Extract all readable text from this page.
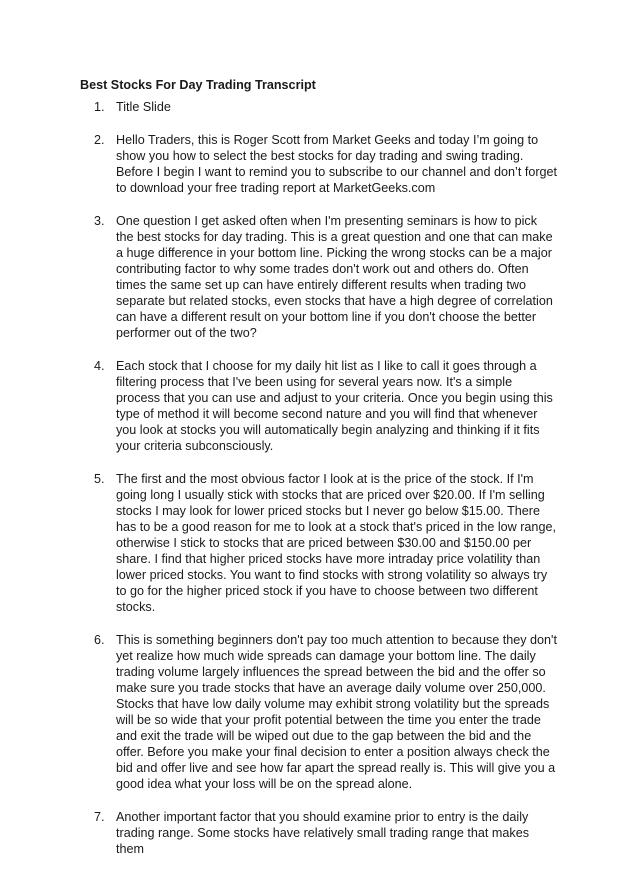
Best Stocks For Day Trading Transcript
1. Title Slide
2. Hello Traders, this is Roger Scott from Market Geeks and today I’m going to show you how to select the best stocks for day trading and swing trading. Before I begin I want to remind you to subscribe to our channel and don’t forget to download your free trading report at MarketGeeks.com
3. One question I get asked often when I'm presenting seminars is how to pick the best stocks for day trading. This is a great question and one that can make a huge difference in your bottom line. Picking the wrong stocks can be a major contributing factor to why some trades don't work out and others do. Often times the same set up can have entirely different results when trading two separate but related stocks, even stocks that have a high degree of correlation can have a different result on your bottom line if you don't choose the better performer out of the two?
4. Each stock that I choose for my daily hit list as I like to call it goes through a filtering process that I've been using for several years now. It's a simple process that you can use and adjust to your criteria. Once you begin using this type of method it will become second nature and you will find that whenever you look at stocks you will automatically begin analyzing and thinking if it fits your criteria subconsciously.
5. The first and the most obvious factor I look at is the price of the stock. If I'm going long I usually stick with stocks that are priced over $20.00. If I'm selling stocks I may look for lower priced stocks but I never go below $15.00. There has to be a good reason for me to look at a stock that's priced in the low range, otherwise I stick to stocks that are priced between $30.00 and $150.00 per share. I find that higher priced stocks have more intraday price volatility than lower priced stocks. You want to find stocks with strong volatility so always try to go for the higher priced stock if you have to choose between two different stocks.
6. This is something beginners don't pay too much attention to because they don't yet realize how much wide spreads can damage your bottom line. The daily trading volume largely influences the spread between the bid and the offer so make sure you trade stocks that have an average daily volume over 250,000. Stocks that have low daily volume may exhibit strong volatility but the spreads will be so wide that your profit potential between the time you enter the trade and exit the trade will be wiped out due to the gap between the bid and the offer. Before you make your final decision to enter a position always check the bid and offer live and see how far apart the spread really is. This will give you a good idea what your loss will be on the spread alone.
7. Another important factor that you should examine prior to entry is the daily trading range. Some stocks have relatively small trading range that makes them
